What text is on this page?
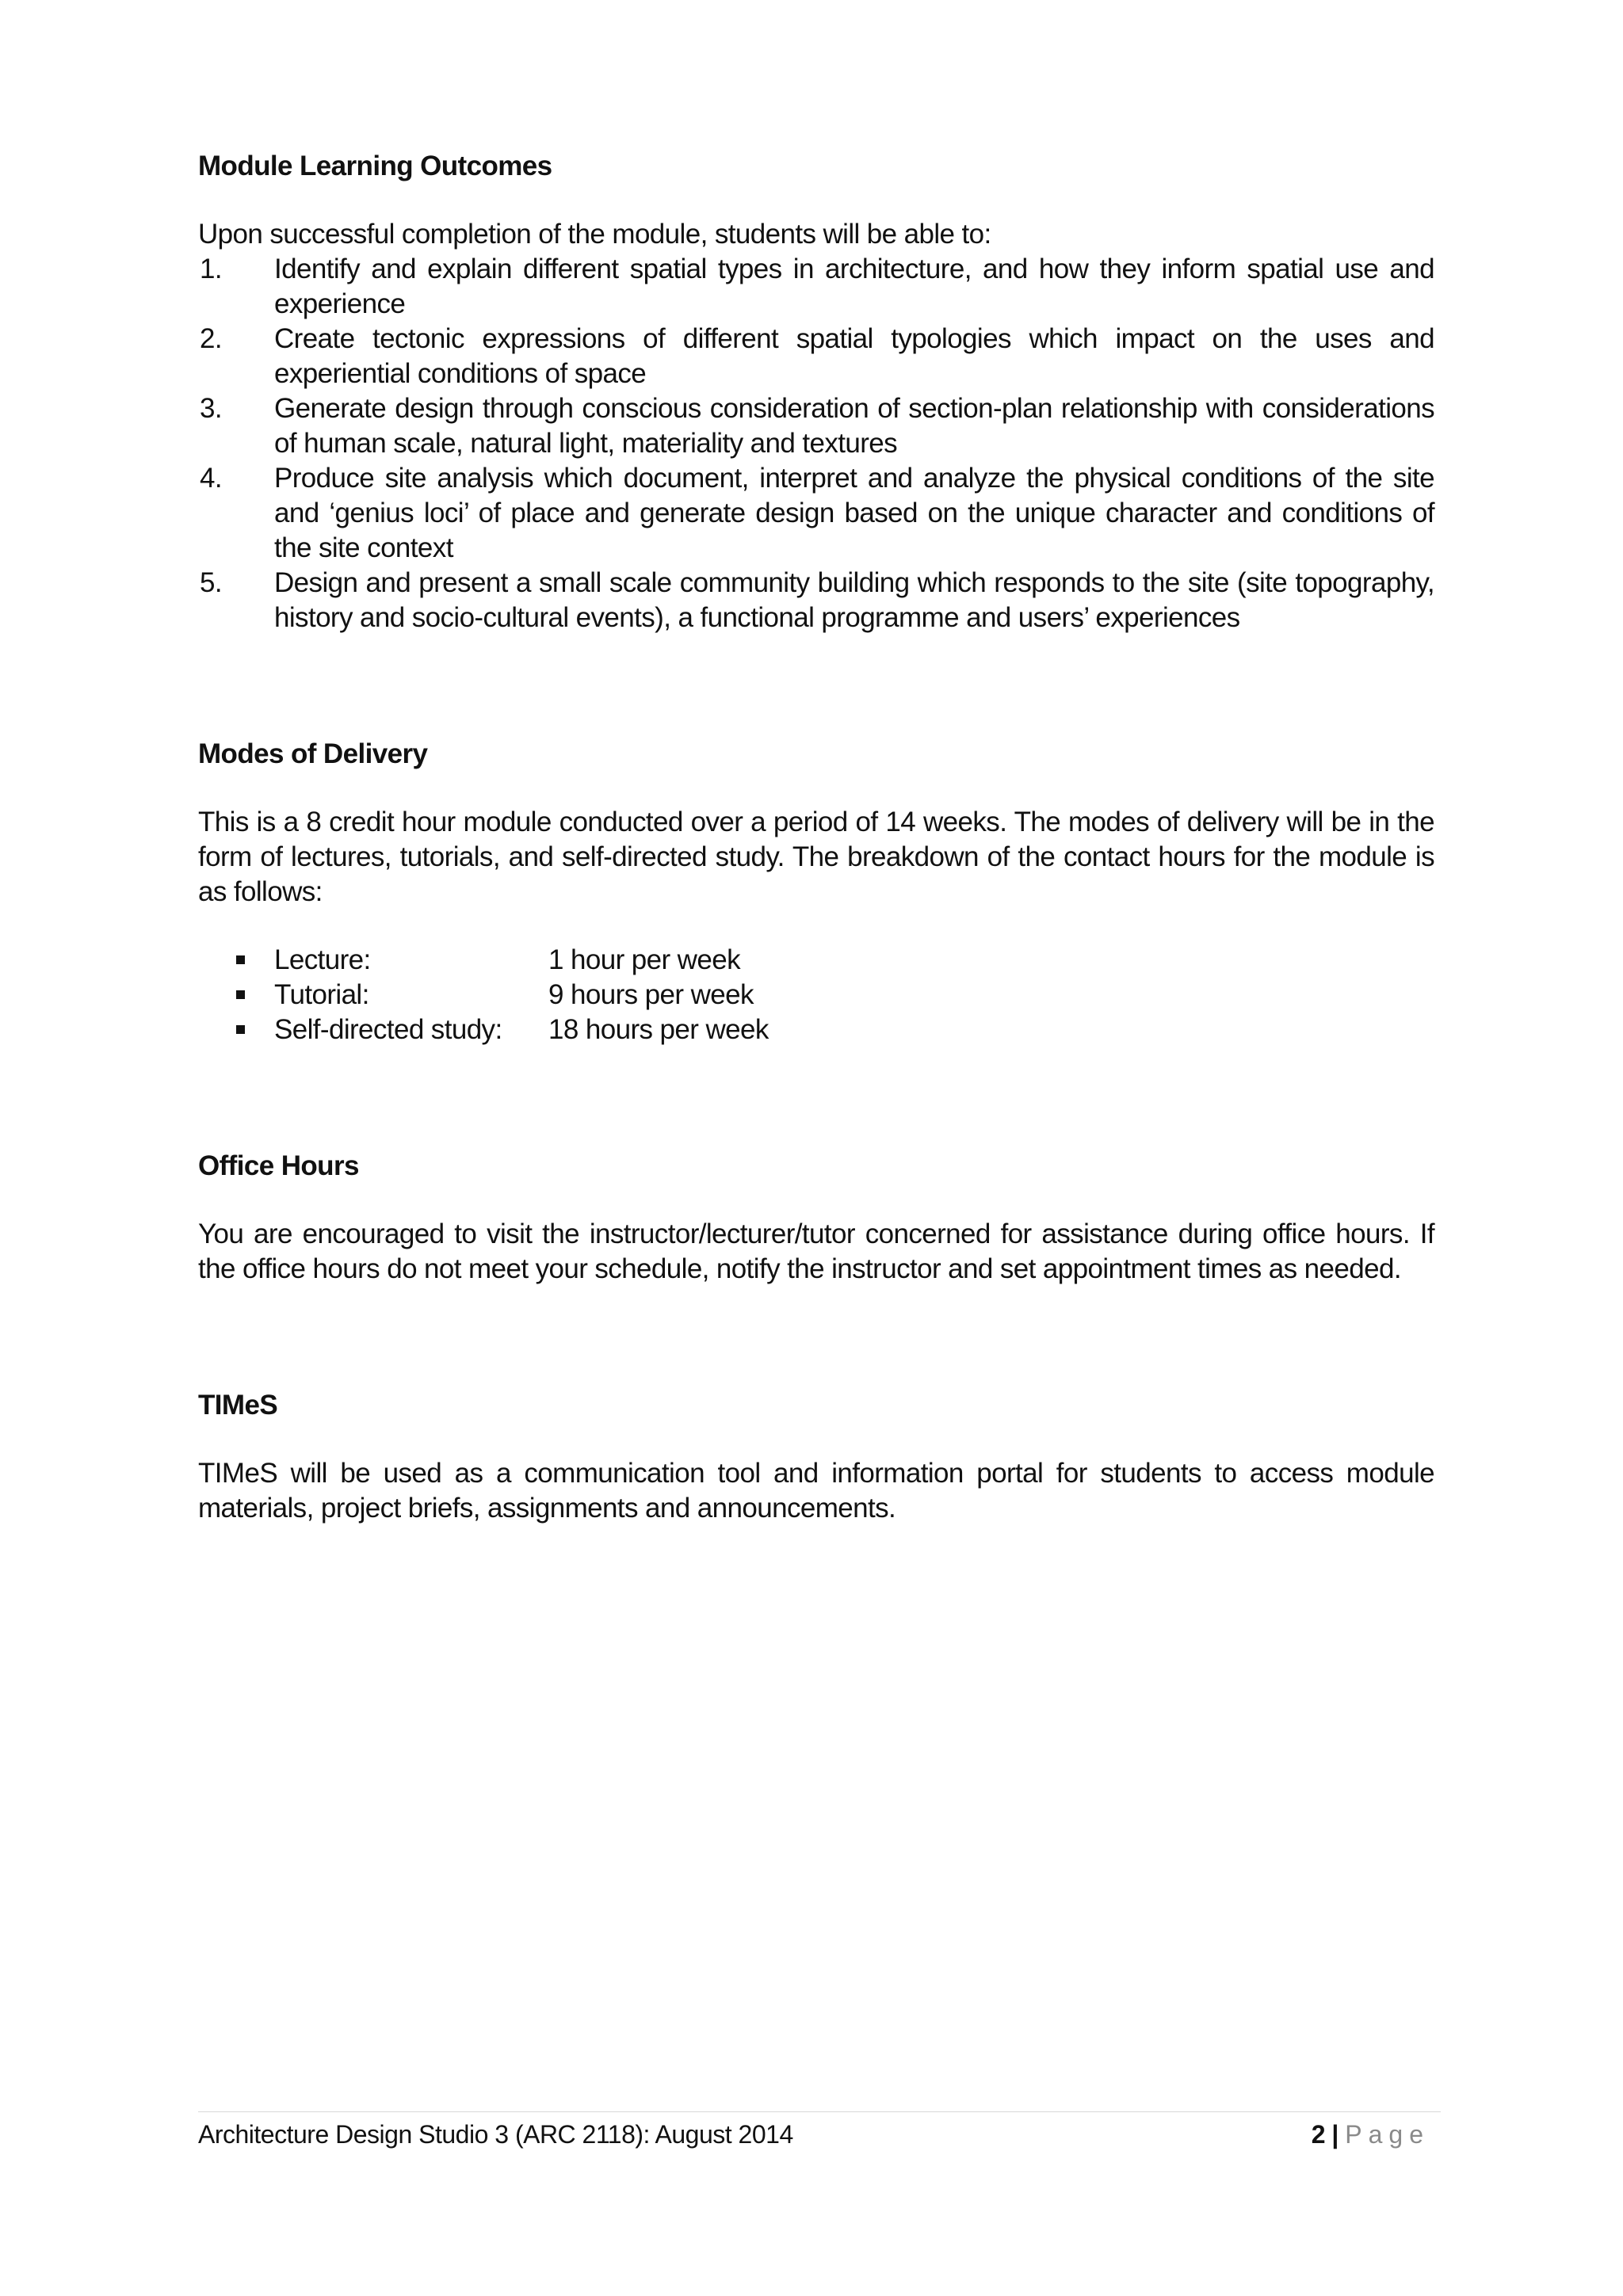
Module Learning Outcomes

Upon successful completion of the module, students will be able to:

1. Identify and explain different spatial types in architecture, and how they inform spatial use and experience
2. Create tectonic expressions of different spatial typologies which impact on the uses and experiential conditions of space
3. Generate design through conscious consideration of section-plan relationship with considerations of human scale, natural light, materiality and textures
4. Produce site analysis which document, interpret and analyze the physical conditions of the site and ‘genius loci’ of place and generate design based on the unique character and conditions of the site context
5. Design and present a small scale community building which responds to the site (site topography, history and socio-cultural events), a functional programme and users’ experiences

Modes of Delivery

This is a 8 credit hour module conducted over a period of 14 weeks. The modes of delivery will be in the form of lectures, tutorials, and self-directed study. The breakdown of the contact hours for the module is as follows:

Lecture:	1 hour per week
Tutorial:	9 hours per week
Self-directed study: 18 hours per week

Office Hours

You are encouraged to visit the instructor/lecturer/tutor concerned for assistance during office hours. If the office hours do not meet your schedule, notify the instructor and set appointment times as needed.

TIMeS

TIMeS will be used as a communication tool and information portal for students to access module materials, project briefs, assignments and announcements.

Architecture Design Studio 3 (ARC 2118): August 2014	2 | Page
